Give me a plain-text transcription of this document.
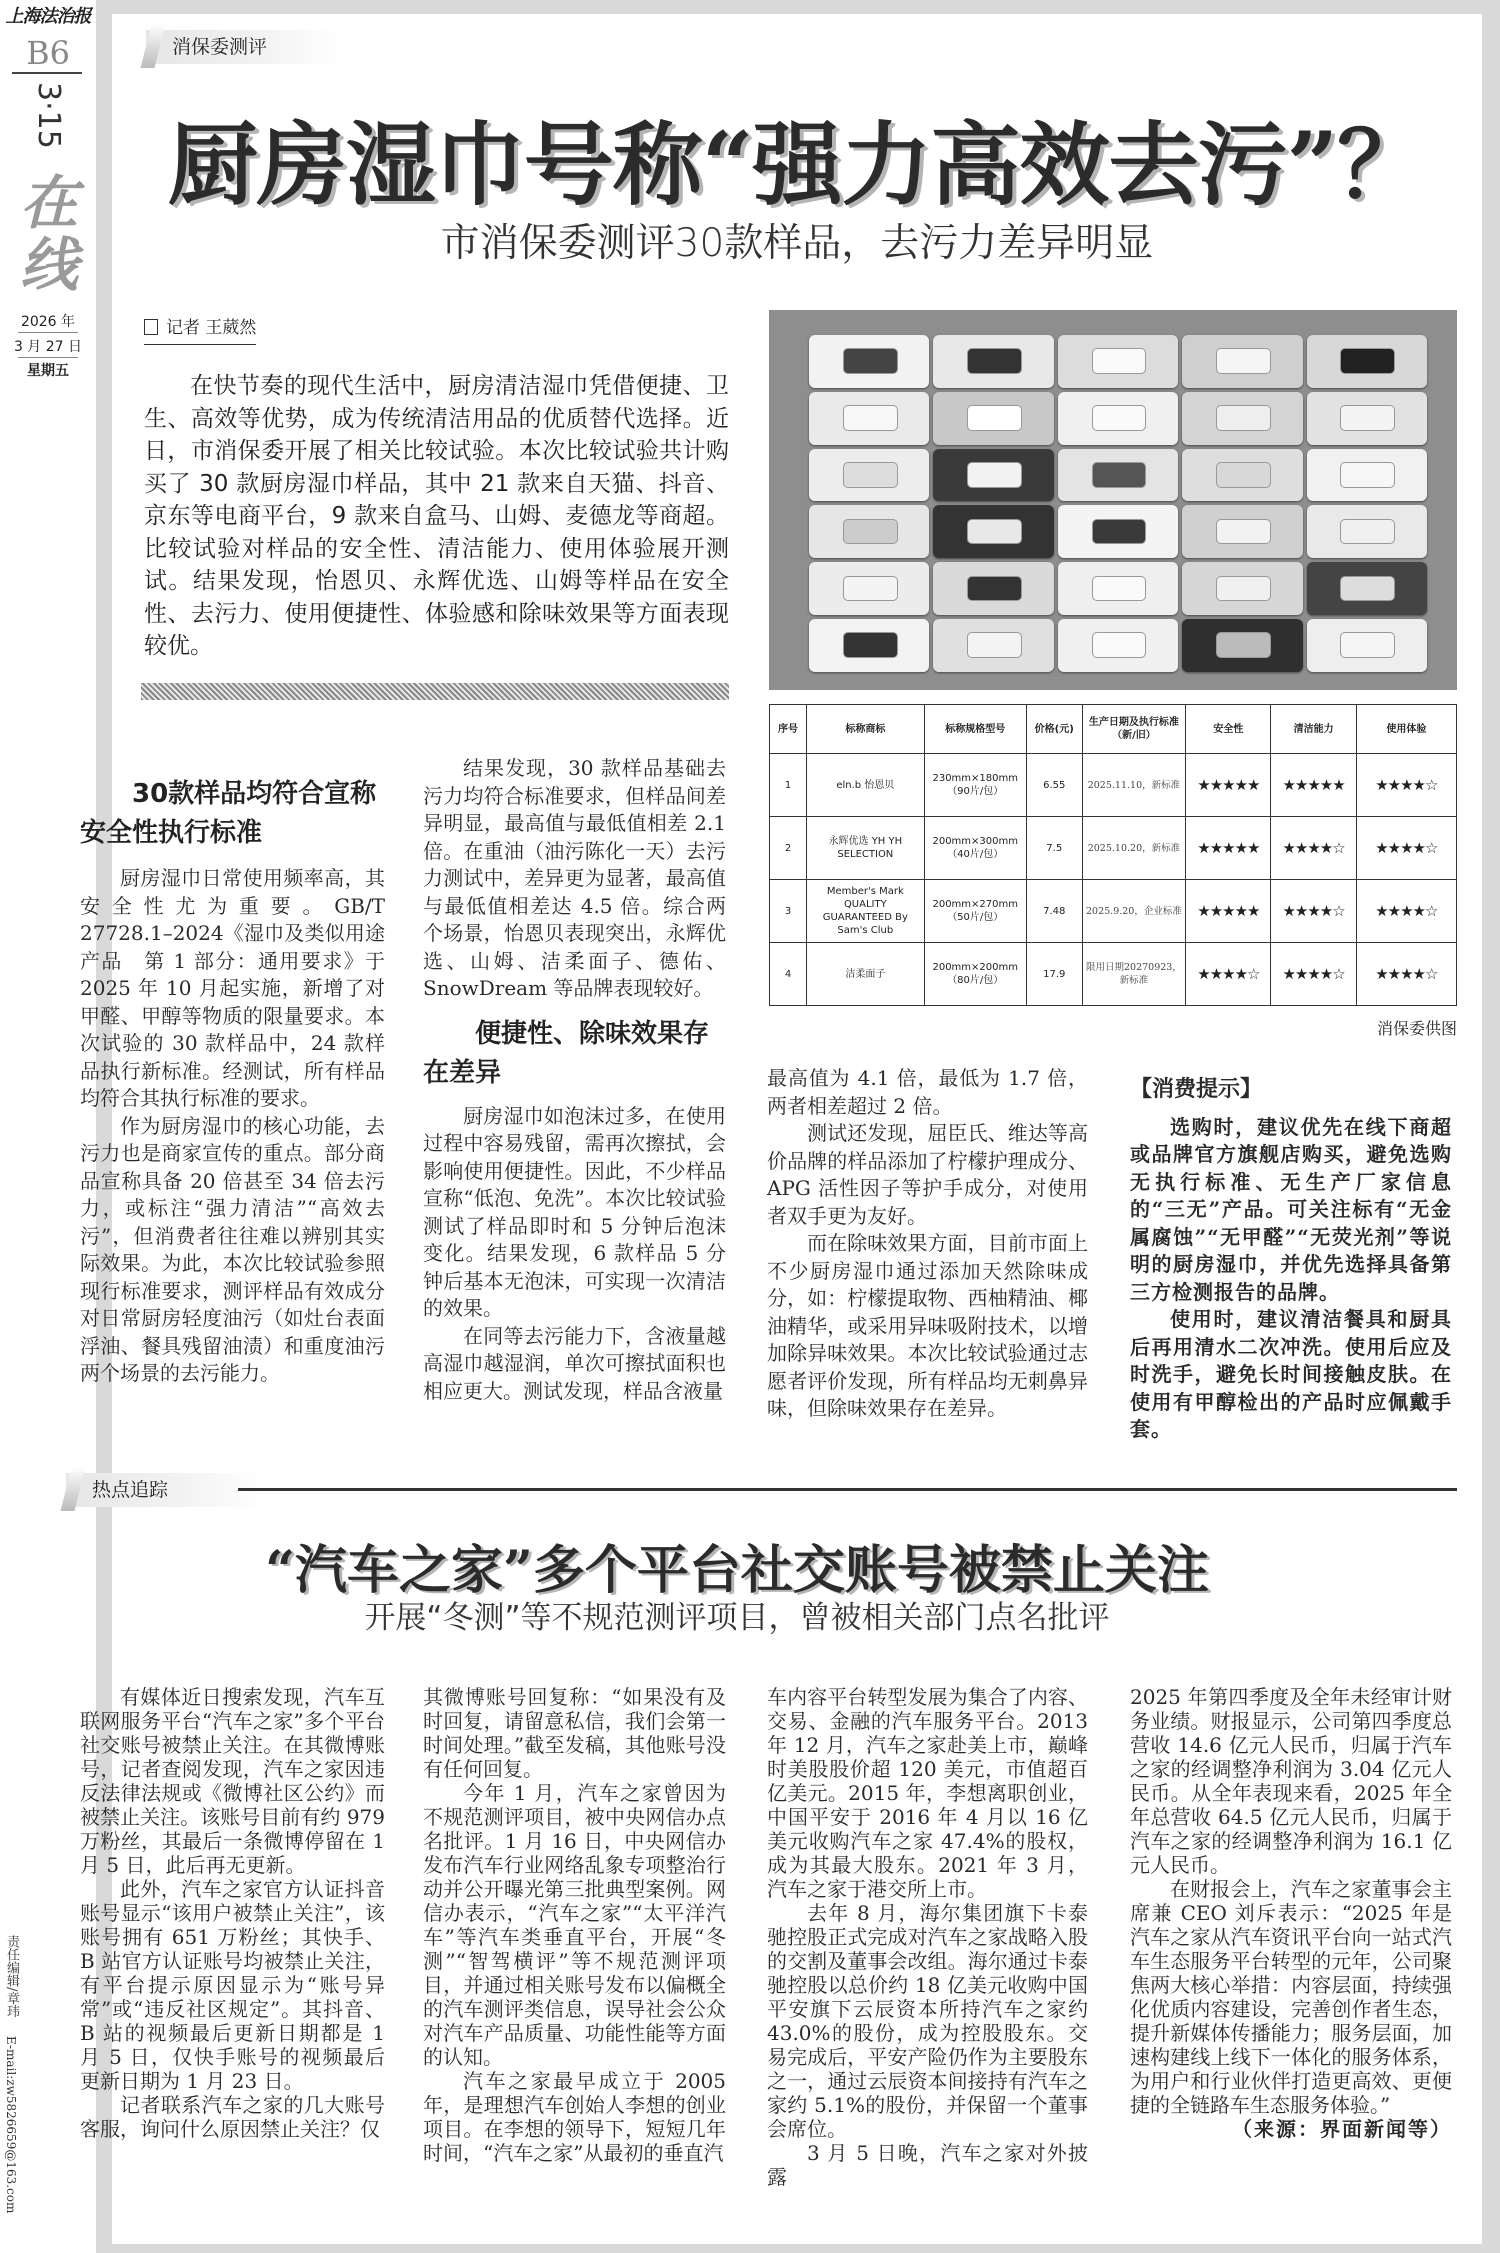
上海法治报
B6
3·15
在线
2026 年
3 月 27 日
星期五
责任编辑/章玮 E-mail:zw5826659@163.com
消保委测评
厨房湿巾号称“强力高效去污”？
市消保委测评30款样品，去污力差异明显
记者 王葳然
在快节奏的现代生活中，厨房清洁湿巾凭借便捷、卫生、高效等优势，成为传统清洁用品的优质替代选择。近日，市消保委开展了相关比较试验。本次比较试验共计购买了 30 款厨房湿巾样品，其中 21 款来自天猫、抖音、京东等电商平台，9 款来自盒马、山姆、麦德龙等商超。比较试验对样品的安全性、清洁能力、使用体验展开测试。结果发现，怡恩贝、永辉优选、山姆等样品在安全性、去污力、使用便捷性、体验感和除味效果等方面表现较优。
序号	标称商标	标称规格型号	价格(元)	生产日期及执行标准（新/旧）	安全性	清洁能力	使用体验
1	eln.b 怡恩贝	230mm×180mm（90片/包）	6.55	2025.11.10，新标准	★★★★★	★★★★★	★★★★☆
2	永辉优选 YH YH SELECTION	200mm×300mm（40片/包）	7.5	2025.10.20，新标准	★★★★★	★★★★☆	★★★★☆
3	Member's Mark QUALITY GUARANTEED By Sam's Club	200mm×270mm（50片/包）	7.48	2025.9.20，企业标准	★★★★★	★★★★☆	★★★★☆
4	洁柔面子	200mm×200mm（80片/包）	17.9	限用日期20270923，新标准	★★★★☆	★★★★☆	★★★★☆
消保委供图
30款样品均符合宣称
安全性执行标准

厨房湿巾日常使用频率高，其安全性尤为重要。GB/T 27728.1–2024《湿巾及类似用途产品　第 1 部分：通用要求》于 2025 年 10 月起实施，新增了对甲醛、甲醇等物质的限量要求。本次试验的 30 款样品中，24 款样品执行新标准。经测试，所有样品均符合其执行标准的要求。

作为厨房湿巾的核心功能，去污力也是商家宣传的重点。部分商品宣称具备 20 倍甚至 34 倍去污力，或标注“强力清洁”“高效去污”，但消费者往往难以辨别其实际效果。为此，本次比较试验参照现行标准要求，测评样品有效成分对日常厨房轻度油污（如灶台表面浮油、餐具残留油渍）和重度油污两个场景的去污能力。

结果发现，30 款样品基础去污力均符合标准要求，但样品间差异明显，最高值与最低值相差 2.1 倍。在重油（油污陈化一天）去污力测试中，差异更为显著，最高值与最低值相差达 4.5 倍。综合两个场景，怡恩贝表现突出，永辉优选、山姆、洁柔面子、德佑、SnowDream 等品牌表现较好。

便捷性、除味效果存
在差异

厨房湿巾如泡沫过多，在使用过程中容易残留，需再次擦拭，会影响使用便捷性。因此，不少样品宣称“低泡、免洗”。本次比较试验测试了样品即时和 5 分钟后泡沫变化。结果发现，6 款样品 5 分钟后基本无泡沫，可实现一次清洁的效果。

在同等去污能力下，含液量越高湿巾越湿润，单次可擦拭面积也相应更大。测试发现，样品含液量

最高值为 4.1 倍，最低为 1.7 倍，两者相差超过 2 倍。

测试还发现，屈臣氏、维达等高价品牌的样品添加了柠檬护理成分、APG 活性因子等护手成分，对使用者双手更为友好。

而在除味效果方面，目前市面上不少厨房湿巾通过添加天然除味成分，如：柠檬提取物、西柚精油、椰油精华，或采用异味吸附技术，以增加除异味效果。本次比较试验通过志愿者评价发现，所有样品均无刺鼻异味，但除味效果存在差异。

【消费提示】

选购时，建议优先在线下商超或品牌官方旗舰店购买，避免选购无执行标准、无生产厂家信息的“三无”产品。可关注标有“无金属腐蚀”“无甲醛”“无荧光剂”等说明的厨房湿巾，并优先选择具备第三方检测报告的品牌。

使用时，建议清洁餐具和厨具后再用清水二次冲洗。使用后应及时洗手，避免长时间接触皮肤。在使用有甲醇检出的产品时应佩戴手套。

热点追踪
“汽车之家”多个平台社交账号被禁止关注
开展“冬测”等不规范测评项目，曾被相关部门点名批评

有媒体近日搜索发现，汽车互联网服务平台“汽车之家”多个平台社交账号被禁止关注。在其微博账号，记者查阅发现，汽车之家因违反法律法规或《微博社区公约》而被禁止关注。该账号目前有约 979 万粉丝，其最后一条微博停留在 1 月 5 日，此后再无更新。

此外，汽车之家官方认证抖音账号显示“该用户被禁止关注”，该账号拥有 651 万粉丝；其快手、B 站官方认证账号均被禁止关注，有平台提示原因显示为“账号异常”或“违反社区规定”。其抖音、B 站的视频最后更新日期都是 1 月 5 日，仅快手账号的视频最后更新日期为 1 月 23 日。

记者联系汽车之家的几大账号客服，询问什么原因禁止关注？仅

其微博账号回复称：“如果没有及时回复，请留意私信，我们会第一时间处理。”截至发稿，其他账号没有任何回复。

今年 1 月，汽车之家曾因为不规范测评项目，被中央网信办点名批评。1 月 16 日，中央网信办发布汽车行业网络乱象专项整治行动并公开曝光第三批典型案例。网信办表示，“汽车之家”“太平洋汽车”等汽车类垂直平台，开展“冬测”“智驾横评”等不规范测评项目，并通过相关账号发布以偏概全的汽车测评类信息，误导社会公众对汽车产品质量、功能性能等方面的认知。

汽车之家最早成立于 2005 年，是理想汽车创始人李想的创业项目。在李想的领导下，短短几年时间，“汽车之家”从最初的垂直汽

车内容平台转型发展为集合了内容、交易、金融的汽车服务平台。2013 年 12 月，汽车之家赴美上市，巅峰时美股股价超 120 美元，市值超百亿美元。2015 年，李想离职创业，中国平安于 2016 年 4 月以 16 亿美元收购汽车之家 47.4%的股权，成为其最大股东。2021 年 3 月，汽车之家于港交所上市。

去年 8 月，海尔集团旗下卡泰驰控股正式完成对汽车之家战略入股的交割及董事会改组。海尔通过卡泰驰控股以总价约 18 亿美元收购中国平安旗下云辰资本所持汽车之家约 43.0%的股份，成为控股股东。交易完成后，平安产险仍作为主要股东之一，通过云辰资本间接持有汽车之家约 5.1%的股份，并保留一个董事会席位。

3 月 5 日晚，汽车之家对外披露

2025 年第四季度及全年未经审计财务业绩。财报显示，公司第四季度总营收 14.6 亿元人民币，归属于汽车之家的经调整净利润为 3.04 亿元人民币。从全年表现来看，2025 年全年总营收 64.5 亿元人民币，归属于汽车之家的经调整净利润为 16.1 亿元人民币。

在财报会上，汽车之家董事会主席兼 CEO 刘斥表示：“2025 年是汽车之家从汽车资讯平台向一站式汽车生态服务平台转型的元年，公司聚焦两大核心举措：内容层面，持续强化优质内容建设，完善创作者生态，提升新媒体传播能力；服务层面，加速构建线上线下一体化的服务体系，为用户和行业伙伴打造更高效、更便捷的全链路车生态服务体验。”

（来源：界面新闻等）
